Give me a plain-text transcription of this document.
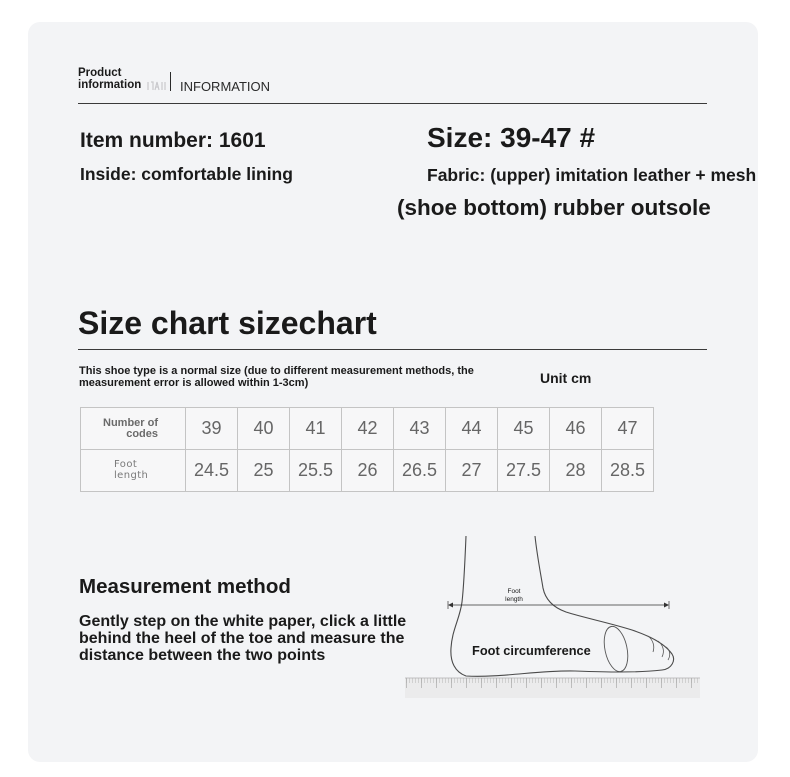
Product
information	INFORMATION
Item number: 1601	Size: 39-47 #
Inside: comfortable lining	Fabric: (upper) imitation leather + mesh
(shoe bottom) rubber outsole
Size chart sizechart
This shoe type is a normal size (due to different measurement methods, the
measurement error is allowed within 1-3cm)	Unit cm
Number of
codes	39	40	41	42	43	44	45	46	47

Foot
length	24.5	25	25.5	26	26.5	27	27.5	28	28.5
Measurement method
Gently step on the white paper, click a little
behind the heel of the toe and measure the
distance between the two points
Foot
length
Foot circumference
